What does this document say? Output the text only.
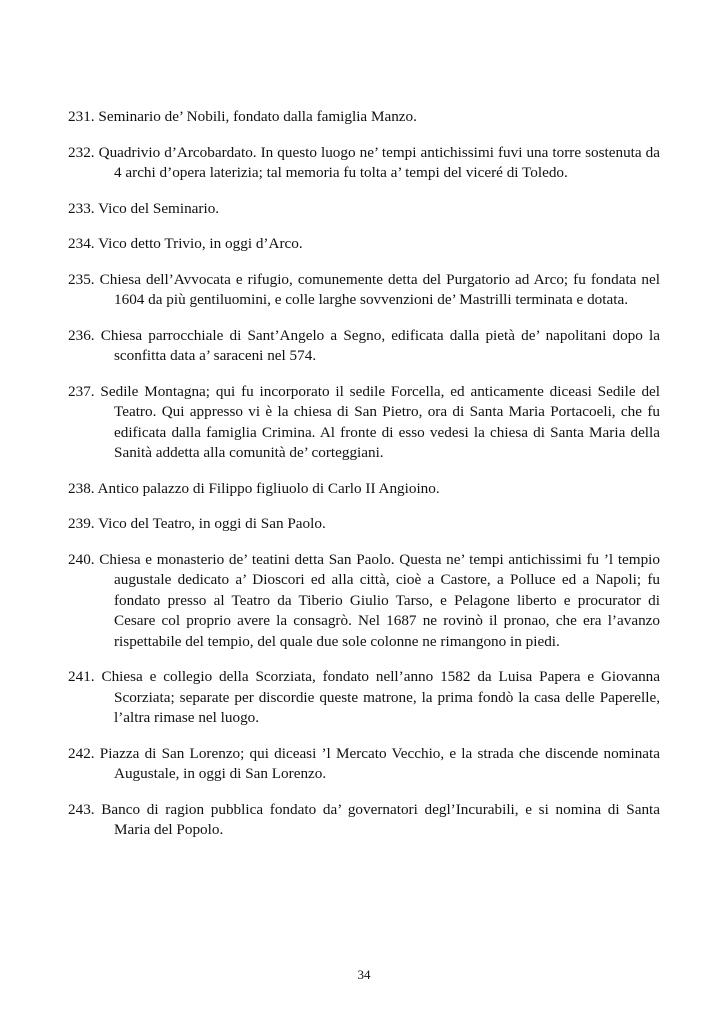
231. Seminario de’ Nobili, fondato dalla famiglia Manzo.

232. Quadrivio d’Arcobardato. In questo luogo ne’ tempi antichissimi fuvi una torre sostenuta da 4 archi d’opera laterizia; tal memoria fu tolta a’ tempi del viceré di Toledo.

233. Vico del Seminario.

234. Vico detto Trivio, in oggi d’Arco.

235. Chiesa dell’Avvocata e rifugio, comunemente detta del Purgatorio ad Arco; fu fondata nel 1604 da più gentiluomini, e colle larghe sovvenzioni de’ Mastrilli terminata e dotata.

236. Chiesa parrocchiale di Sant’Angelo a Segno, edificata dalla pietà de’ napolitani dopo la sconfitta data a’ saraceni nel 574.

237. Sedile Montagna; qui fu incorporato il sedile Forcella, ed anticamente diceasi Sedile del Teatro. Qui appresso vi è la chiesa di San Pietro, ora di Santa Maria Portacoeli, che fu edificata dalla famiglia Crimina. Al fronte di esso vedesi la chiesa di Santa Maria della Sanità addetta alla comunità de’ corteggiani.

238. Antico palazzo di Filippo figliuolo di Carlo II Angioino.

239. Vico del Teatro, in oggi di San Paolo.

240. Chiesa e monasterio de’ teatini detta San Paolo. Questa ne’ tempi antichissimi fu ’l tempio augustale dedicato a’ Dioscori ed alla città, cioè a Castore, a Polluce ed a Napoli; fu fondato presso al Teatro da Tiberio Giulio Tarso, e Pelagone liberto e procurator di Cesare col proprio avere la consagrò. Nel 1687 ne rovinò il pronao, che era l’avanzo rispettabile del tempio, del quale due sole colonne ne rimangono in piedi.

241. Chiesa e collegio della Scorziata, fondato nell’anno 1582 da Luisa Papera e Giovanna Scorziata; separate per discordie queste matrone, la prima fondò la casa delle Paperelle, l’altra rimase nel luogo.

242. Piazza di San Lorenzo; qui diceasi ’l Mercato Vecchio, e la strada che discende nominata Augustale, in oggi di San Lorenzo.

243. Banco di ragion pubblica fondato da’ governatori degl’Incurabili, e si nomina di Santa Maria del Popolo.

34
